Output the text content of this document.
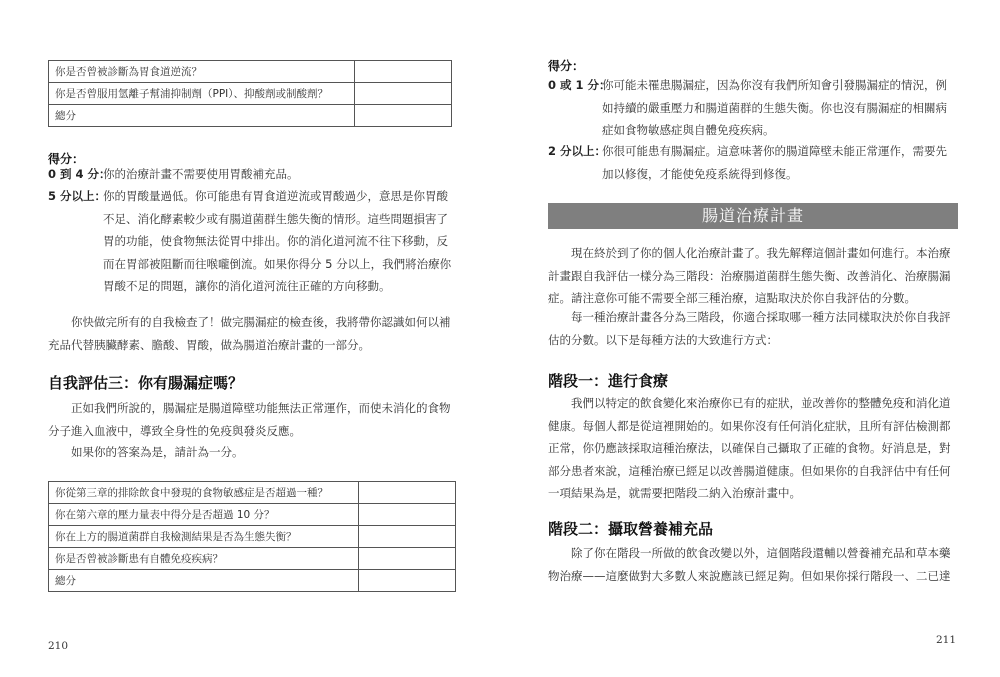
你是否曾被診斷為胃食道逆流？	
你是否曾服用氫離子幫浦抑制劑（PPI）、抑酸劑或制酸劑？	
總分	
得分：
0 到 4 分：
你的治療計畫不需要使用胃酸補充品。
5 分以上：
你的胃酸量過低。你可能患有胃食道逆流或胃酸過少，意思是你胃酸不足、消化酵素較少或有腸道菌群生態失衡的情形。這些問題損害了胃的功能，使食物無法從胃中排出。你的消化道河流不往下移動，反而在胃部被阻斷而往喉嚨倒流。如果你得分 5 分以上，我們將治療你胃酸不足的問題，讓你的消化道河流往正確的方向移動。
你快做完所有的自我檢查了！做完腸漏症的檢查後，我將帶你認識如何以補充品代替胰臟酵素、膽酸、胃酸，做為腸道治療計畫的一部分。
自我評估三：你有腸漏症嗎？
正如我們所說的，腸漏症是腸道障壁功能無法正常運作，而使未消化的食物分子進入血液中，導致全身性的免疫與發炎反應。
如果你的答案為是，請計為一分。
你從第三章的排除飲食中發現的食物敏感症是否超過一種？	
你在第六章的壓力量表中得分是否超過 10 分？	
你在上方的腸道菌群自我檢測結果是否為生態失衡？	
你是否曾被診斷患有自體免疫疾病？	
總分	
210
得分：
0 或 1 分：
你可能未罹患腸漏症，因為你沒有我們所知會引發腸漏症的情況，例如持續的嚴重壓力和腸道菌群的生態失衡。你也沒有腸漏症的相關病症如食物敏感症與自體免疫疾病。
2 分以上：
你很可能患有腸漏症。這意味著你的腸道障壁未能正常運作，需要先加以修復，才能使免疫系統得到修復。
腸道治療計畫
現在終於到了你的個人化治療計畫了。我先解釋這個計畫如何進行。本治療計畫跟自我評估一樣分為三階段：治療腸道菌群生態失衡、改善消化、治療腸漏症。請注意你可能不需要全部三種治療，這點取決於你自我評估的分數。
每一種治療計畫各分為三階段，你適合採取哪一種方法同樣取決於你自我評估的分數。以下是每種方法的大致進行方式：
階段一：進行食療
我們以特定的飲食變化來治療你已有的症狀，並改善你的整體免疫和消化道健康。每個人都是從這裡開始的。如果你沒有任何消化症狀，且所有評估檢測都正常，你仍應該採取這種治療法，以確保自己攝取了正確的食物。好消息是，對部分患者來說，這種治療已經足以改善腸道健康。但如果你的自我評估中有任何一項結果為是，就需要把階段二納入治療計畫中。
階段二：攝取營養補充品
除了你在階段一所做的飲食改變以外，這個階段還輔以營養補充品和草本藥物治療——這麼做對大多數人來說應該已經足夠。但如果你採行階段一、二已達
211
